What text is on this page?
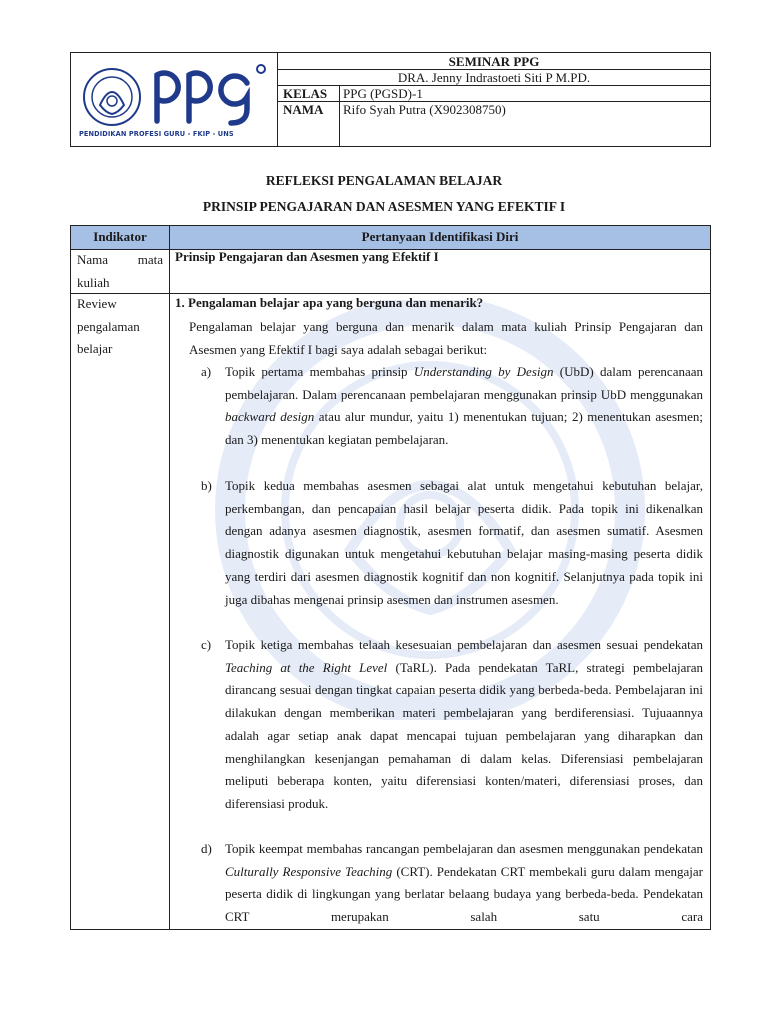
PENDIDIKAN PROFESI GURU - FKIP - UNS
SEMINAR PPG
DRA. Jenny Indrastoeti Siti P M.PD.
KELAS PPG (PGSD)-1
NAMA Rifo Syah Putra (X902308750)
REFLEKSI PENGALAMAN BELAJAR
PRINSIP PENGAJARAN DAN ASESMEN YANG EFEKTIF I
Indikator	Pertanyaan Identifikasi Diri
Nama mata
kuliah
Prinsip Pengajaran dan Asesmen yang Efektif I
Review
pengalaman
belajar
1. Pengalaman belajar apa yang berguna dan menarik?
Pengalaman belajar yang berguna dan menarik dalam mata kuliah Prinsip Pengajaran dan Asesmen yang Efektif I bagi saya adalah sebagai berikut:
a) Topik pertama membahas prinsip Understanding by Design (UbD) dalam perencanaan pembelajaran. Dalam perencanaan pembelajaran menggunakan prinsip UbD menggunakan backward design atau alur mundur, yaitu 1) menentukan tujuan; 2) menentukan asesmen; dan 3) menentukan kegiatan pembelajaran.
b) Topik kedua membahas asesmen sebagai alat untuk mengetahui kebutuhan belajar, perkembangan, dan pencapaian hasil belajar peserta didik. Pada topik ini dikenalkan dengan adanya asesmen diagnostik, asesmen formatif, dan asesmen sumatif. Asesmen diagnostik digunakan untuk mengetahui kebutuhan belajar masing-masing peserta didik yang terdiri dari asesmen diagnostik kognitif dan non kognitif. Selanjutnya pada topik ini juga dibahas mengenai prinsip asesmen dan instrumen asesmen.
c) Topik ketiga membahas telaah kesesuaian pembelajaran dan asesmen sesuai pendekatan Teaching at the Right Level (TaRL). Pada pendekatan TaRL, strategi pembelajaran dirancang sesuai dengan tingkat capaian peserta didik yang berbeda-beda. Pembelajaran ini dilakukan dengan memberikan materi pembelajaran yang berdiferensiasi. Tujuaannya adalah agar setiap anak dapat mencapai tujuan pembelajaran yang diharapkan dan menghilangkan kesenjangan pemahaman di dalam kelas. Diferensiasi pembelajaran meliputi beberapa konten, yaitu diferensiasi konten/materi, diferensiasi proses, dan diferensiasi produk.
d) Topik keempat membahas rancangan pembelajaran dan asesmen menggunakan pendekatan Culturally Responsive Teaching (CRT). Pendekatan CRT membekali guru dalam mengajar peserta didik di lingkungan yang berlatar belaang budaya yang berbeda-beda. Pendekatan CRT merupakan salah satu cara
